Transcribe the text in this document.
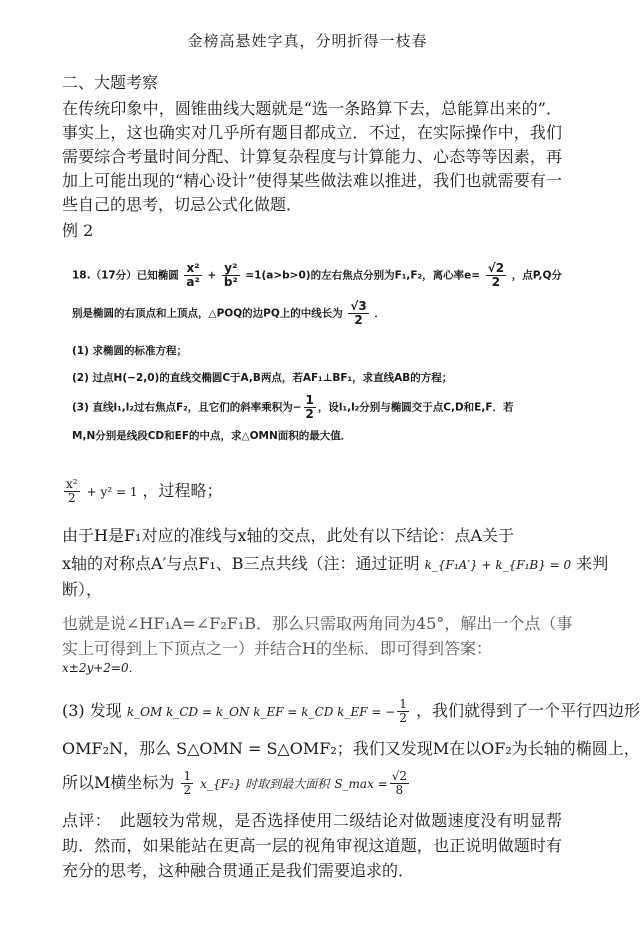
金榜高悬姓字真，分明折得一枝春
二、大题考察
在传统印象中，圆锥曲线大题就是“选一条路算下去，总能算出来的”．事实上，这也确实对几乎所有题目都成立．不过，在实际操作中，我们需要综合考量时间分配、计算复杂程度与计算能力、心态等等因素，再加上可能出现的“精心设计”使得某些做法难以推进，我们也就需要有一些自己的思考，切忌公式化做题．
例 2
18.（17分）已知椭圆 $\frac{\text{x²}}{\text{a²}} + \frac{\text{y²}}{\text{b²}} =1(a>b>0)$的左右焦点分别为F₁,F₂，离心率$e= \frac{√2}{2}$ ，点P,Q分
别是椭圆的右顶点和上顶点，△POQ的边PQ上的中线长为 $\frac{√3}{2}$ ．
(1) 求椭圆的标准方程；
(2) 过点H(−2,0)的直线交椭圆C于A,B两点，若AF₁⊥BF₁，求直线AB的方程；
(3) 直线l₁,l₂过右焦点F₂，且它们的斜率乘积为− $\frac{1}{2}$ ，设l₁,l₂分别与椭圆交于点C,D和E,F．若
M,N分别是线段CD和EF的中点，求△OMN面积的最大值．
$\frac{\text{x²}}{2} + y^2 = 1$ ，过程略；
由于H是F₁对应的准线与x轴的交点，此处有以下结论：点A关于
x轴的对称点A′与点F₁、B三点共线（注：通过证明 k_{F₁A′} + k_{F₁B} = 0 来判
断），
也就是说∠HF₁A=∠F₂F₁B．那么只需取两角同为45°，解出一个点（事
实上可得到上下顶点之一）并结合H的坐标．即可得到答案：
x±2y+2=0．
(3) 发现 k_OM k_CD = k_ON k_EF = k_CD k_EF = − $\frac{1}{2}$ ，我们就得到了一个平行四边形
OMF₂N，那么 S△OMN = S△OMF₂；我们又发现M在以OF₂为长轴的椭圆上，
所以M横坐标为 $\frac{1}{2}$ x_{F₂} 时取到最大面积 S_max = $\frac{√2}{8}$
点评：　此题较为常规，是否选择使用二级结论对做题速度没有明显帮助．然而，如果能站在更高一层的视角审视这道题，也正说明做题时有充分的思考，这种融合贯通正是我们需要追求的．
